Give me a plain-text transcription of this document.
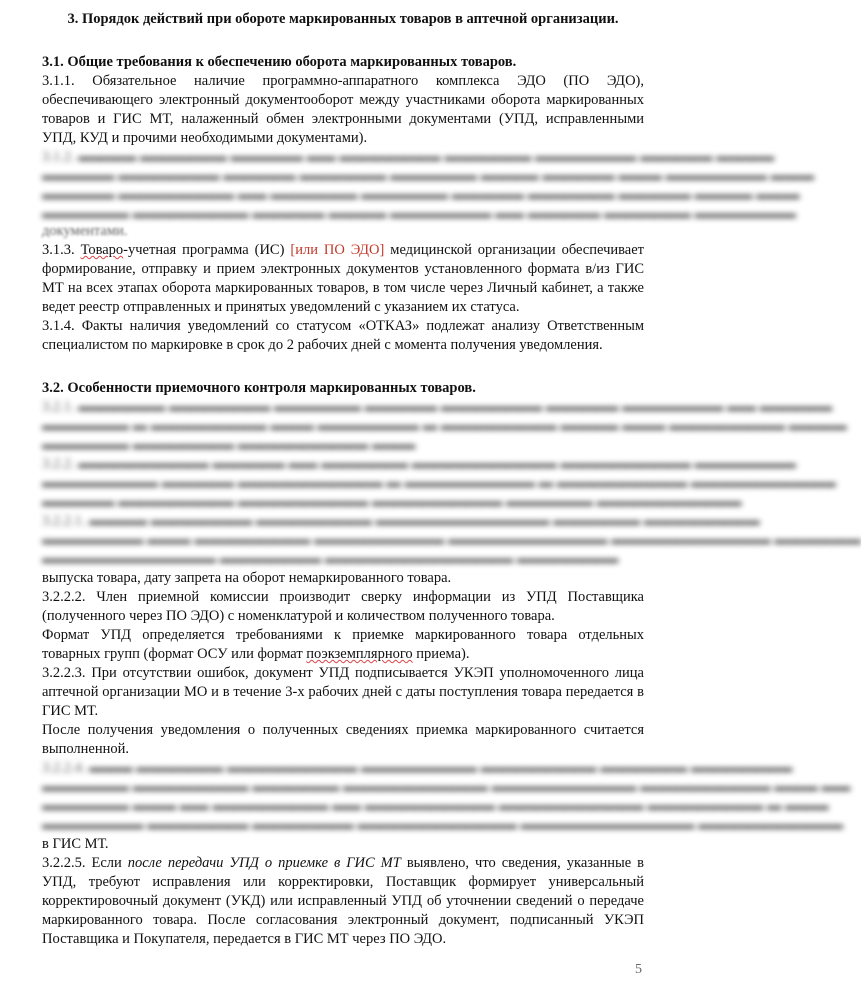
3. Порядок действий при обороте маркированных товаров в аптечной организации.

3.1. Общие требования к обеспечению оборота маркированных товаров.

3.1.1. Обязательное наличие программно-аппаратного комплекса ЭДО (ПО ЭДО), обеспечивающего электронный документооборот между участниками оборота маркированных товаров и ГИС МТ, налаженный обмен электронными документами (УПД, исправленными УПД, КУД и прочими необходимыми документами).

3.1.2. ▬▬▬▬ ▬▬▬▬▬▬ ▬▬▬▬▬ ▬▬ ▬▬▬▬▬▬▬ ▬▬▬▬▬▬ ▬▬▬▬▬▬▬ ▬▬▬▬▬ ▬▬▬▬

▬▬▬▬▬ ▬▬▬▬▬▬▬ ▬▬▬▬▬ ▬▬▬▬▬▬ ▬▬▬▬▬▬ ▬▬▬▬ ▬▬▬▬▬ ▬▬▬ ▬▬▬▬▬▬▬ ▬▬▬

▬▬▬▬▬ ▬▬▬▬▬▬▬▬ ▬▬ ▬▬▬▬▬▬ ▬▬▬▬▬▬ ▬▬▬▬▬ ▬▬▬▬▬▬ ▬▬▬▬▬ ▬▬▬▬ ▬▬▬

▬▬▬▬▬▬ ▬▬▬▬▬▬▬▬ ▬▬▬▬▬ ▬▬▬▬ ▬▬▬▬▬▬▬ ▬▬ ▬▬▬▬▬ ▬▬▬▬▬▬ ▬▬▬▬▬▬▬

документами.

3.1.3. Товаро-учетная программа (ИС) [или ПО ЭДО] медицинской организации обеспечивает формирование, отправку и прием электронных документов установленного формата в/из ГИС МТ на всех этапах оборота маркированных товаров, в том числе через Личный кабинет, а также ведет реестр отправленных и принятых уведомлений с указанием их статуса.

3.1.4. Факты наличия уведомлений со статусом «ОТКАЗ» подлежат анализу Ответственным специалистом по маркировке в срок до 2 рабочих дней с момента получения уведомления.

3.2. Особенности приемочного контроля маркированных товаров.

3.2.1. ▬▬▬▬▬▬ ▬▬▬▬▬▬▬ ▬▬▬▬▬▬ ▬▬▬▬▬ ▬▬▬▬▬▬▬ ▬▬▬▬▬ ▬▬▬▬▬▬▬ ▬▬ ▬▬▬▬▬

▬▬▬▬▬▬ ▬ ▬▬▬▬▬▬▬▬ ▬▬▬ ▬▬▬▬▬▬▬ ▬ ▬▬▬▬▬▬▬▬ ▬▬▬▬ ▬▬▬ ▬▬▬▬▬▬▬▬ ▬▬▬▬

▬▬▬▬▬▬ ▬▬▬▬▬▬▬ ▬▬▬▬▬▬▬▬▬ ▬▬▬

3.2.2. ▬▬▬▬▬▬▬▬▬ ▬▬▬▬▬ ▬▬ ▬▬▬▬▬▬ ▬▬▬▬▬▬▬▬▬▬ ▬▬▬▬▬▬▬▬▬ ▬▬▬▬▬▬▬

▬▬▬▬▬▬▬▬ ▬▬▬▬▬ ▬▬▬▬▬▬▬▬▬▬ ▬ ▬▬▬▬▬▬▬▬▬ ▬ ▬▬▬▬▬▬▬▬▬ ▬▬▬▬▬▬▬▬▬▬

▬▬▬▬▬ ▬▬▬▬▬▬▬▬ ▬▬▬▬▬▬▬▬▬ ▬▬▬▬▬▬▬▬▬ ▬▬▬▬▬▬ ▬▬▬▬▬▬▬▬▬▬

3.2.2.1. ▬▬▬▬ ▬▬▬▬▬▬▬ ▬▬▬▬▬▬▬▬ ▬▬▬▬▬▬▬▬▬▬▬▬ ▬▬▬▬▬▬ ▬▬▬▬▬▬▬▬

▬▬▬▬▬▬▬ ▬▬▬ ▬▬▬▬▬▬▬▬ ▬▬▬▬▬▬▬▬▬ ▬▬▬▬▬▬▬▬▬▬▬ ▬▬▬▬▬▬▬▬▬▬▬ ▬▬▬▬▬▬

▬▬▬▬▬▬▬▬▬▬▬▬ ▬▬▬▬▬▬▬ ▬▬▬▬▬▬▬▬▬▬▬▬▬ ▬▬▬▬▬▬▬

выпуска товара, дату запрета на оборот немаркированного товара.

3.2.2.2. Член приемной комиссии производит сверку информации из УПД Поставщика (полученного через ПО ЭДО) с номенклатурой и количеством полученного товара.

Формат УПД определяется требованиями к приемке маркированного товара отдельных товарных групп (формат ОСУ или формат поэкземплярного приема).

3.2.2.3. При отсутствии ошибок, документ УПД подписывается УКЭП уполномоченного лица аптечной организации МО и в течение 3-х рабочих дней с даты поступления товара передается в ГИС МТ.

После получения уведомления о полученных сведениях приемка маркированного считается выполненной.

3.2.2.4. ▬▬▬ ▬▬▬▬▬▬ ▬▬▬▬▬▬▬▬▬ ▬▬▬▬▬▬▬▬ ▬▬▬▬▬▬▬▬ ▬▬▬▬▬▬ ▬▬▬▬▬▬▬

▬▬▬▬▬▬ ▬▬▬▬▬▬▬▬ ▬▬▬▬▬▬ ▬▬▬▬▬▬▬▬▬▬ ▬▬▬▬▬▬▬▬▬▬ ▬▬▬▬▬▬▬▬▬ ▬▬▬ ▬▬

▬▬▬▬▬▬ ▬▬▬ ▬▬ ▬▬▬▬▬▬▬▬ ▬▬ ▬▬▬▬▬▬▬▬▬ ▬▬▬▬▬▬▬▬▬▬ ▬▬▬▬▬▬▬▬ ▬ ▬▬▬

▬▬▬▬▬▬▬ ▬▬▬▬▬▬▬ ▬▬▬▬▬▬▬ ▬▬▬▬▬▬▬▬▬▬▬ ▬▬▬▬▬▬▬▬▬▬▬▬ ▬▬▬▬▬▬▬▬▬▬

в ГИС МТ.

3.2.2.5. Если после передачи УПД о приемке в ГИС МТ выявлено, что сведения, указанные в УПД, требуют исправления или корректировки, Поставщик формирует универсальный корректировочный документ (УКД) или исправленный УПД об уточнении сведений о передаче маркированного товара. После согласования электронный документ, подписанный УКЭП Поставщика и Покупателя, передается в ГИС МТ через ПО ЭДО.

5
